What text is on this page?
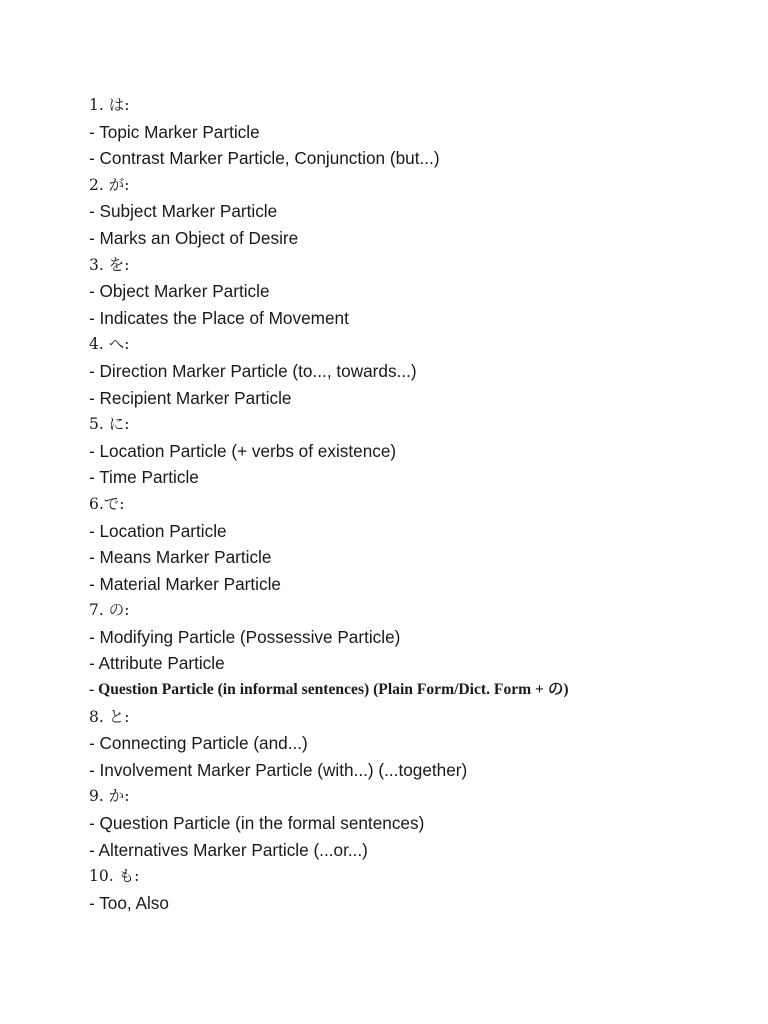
1. は:
- Topic Marker Particle
- Contrast Marker Particle, Conjunction (but...)
2. が:
- Subject Marker Particle
- Marks an Object of Desire
3. を:
- Object Marker Particle
- Indicates the Place of Movement
4. へ:
- Direction Marker Particle (to..., towards...)
- Recipient Marker Particle
5. に:
- Location Particle (+ verbs of existence)
- Time Particle
6.で:
- Location Particle
- Means Marker Particle
- Material Marker Particle
7. の:
- Modifying Particle (Possessive Particle)
- Attribute Particle
- Question Particle (in informal sentences) (Plain Form/Dict. Form + の)
8. と:
- Connecting Particle (and...)
- Involvement Marker Particle (with...) (...together)
9. か:
- Question Particle (in the formal sentences)
- Alternatives Marker Particle (...or...)
10. も:
- Too, Also
